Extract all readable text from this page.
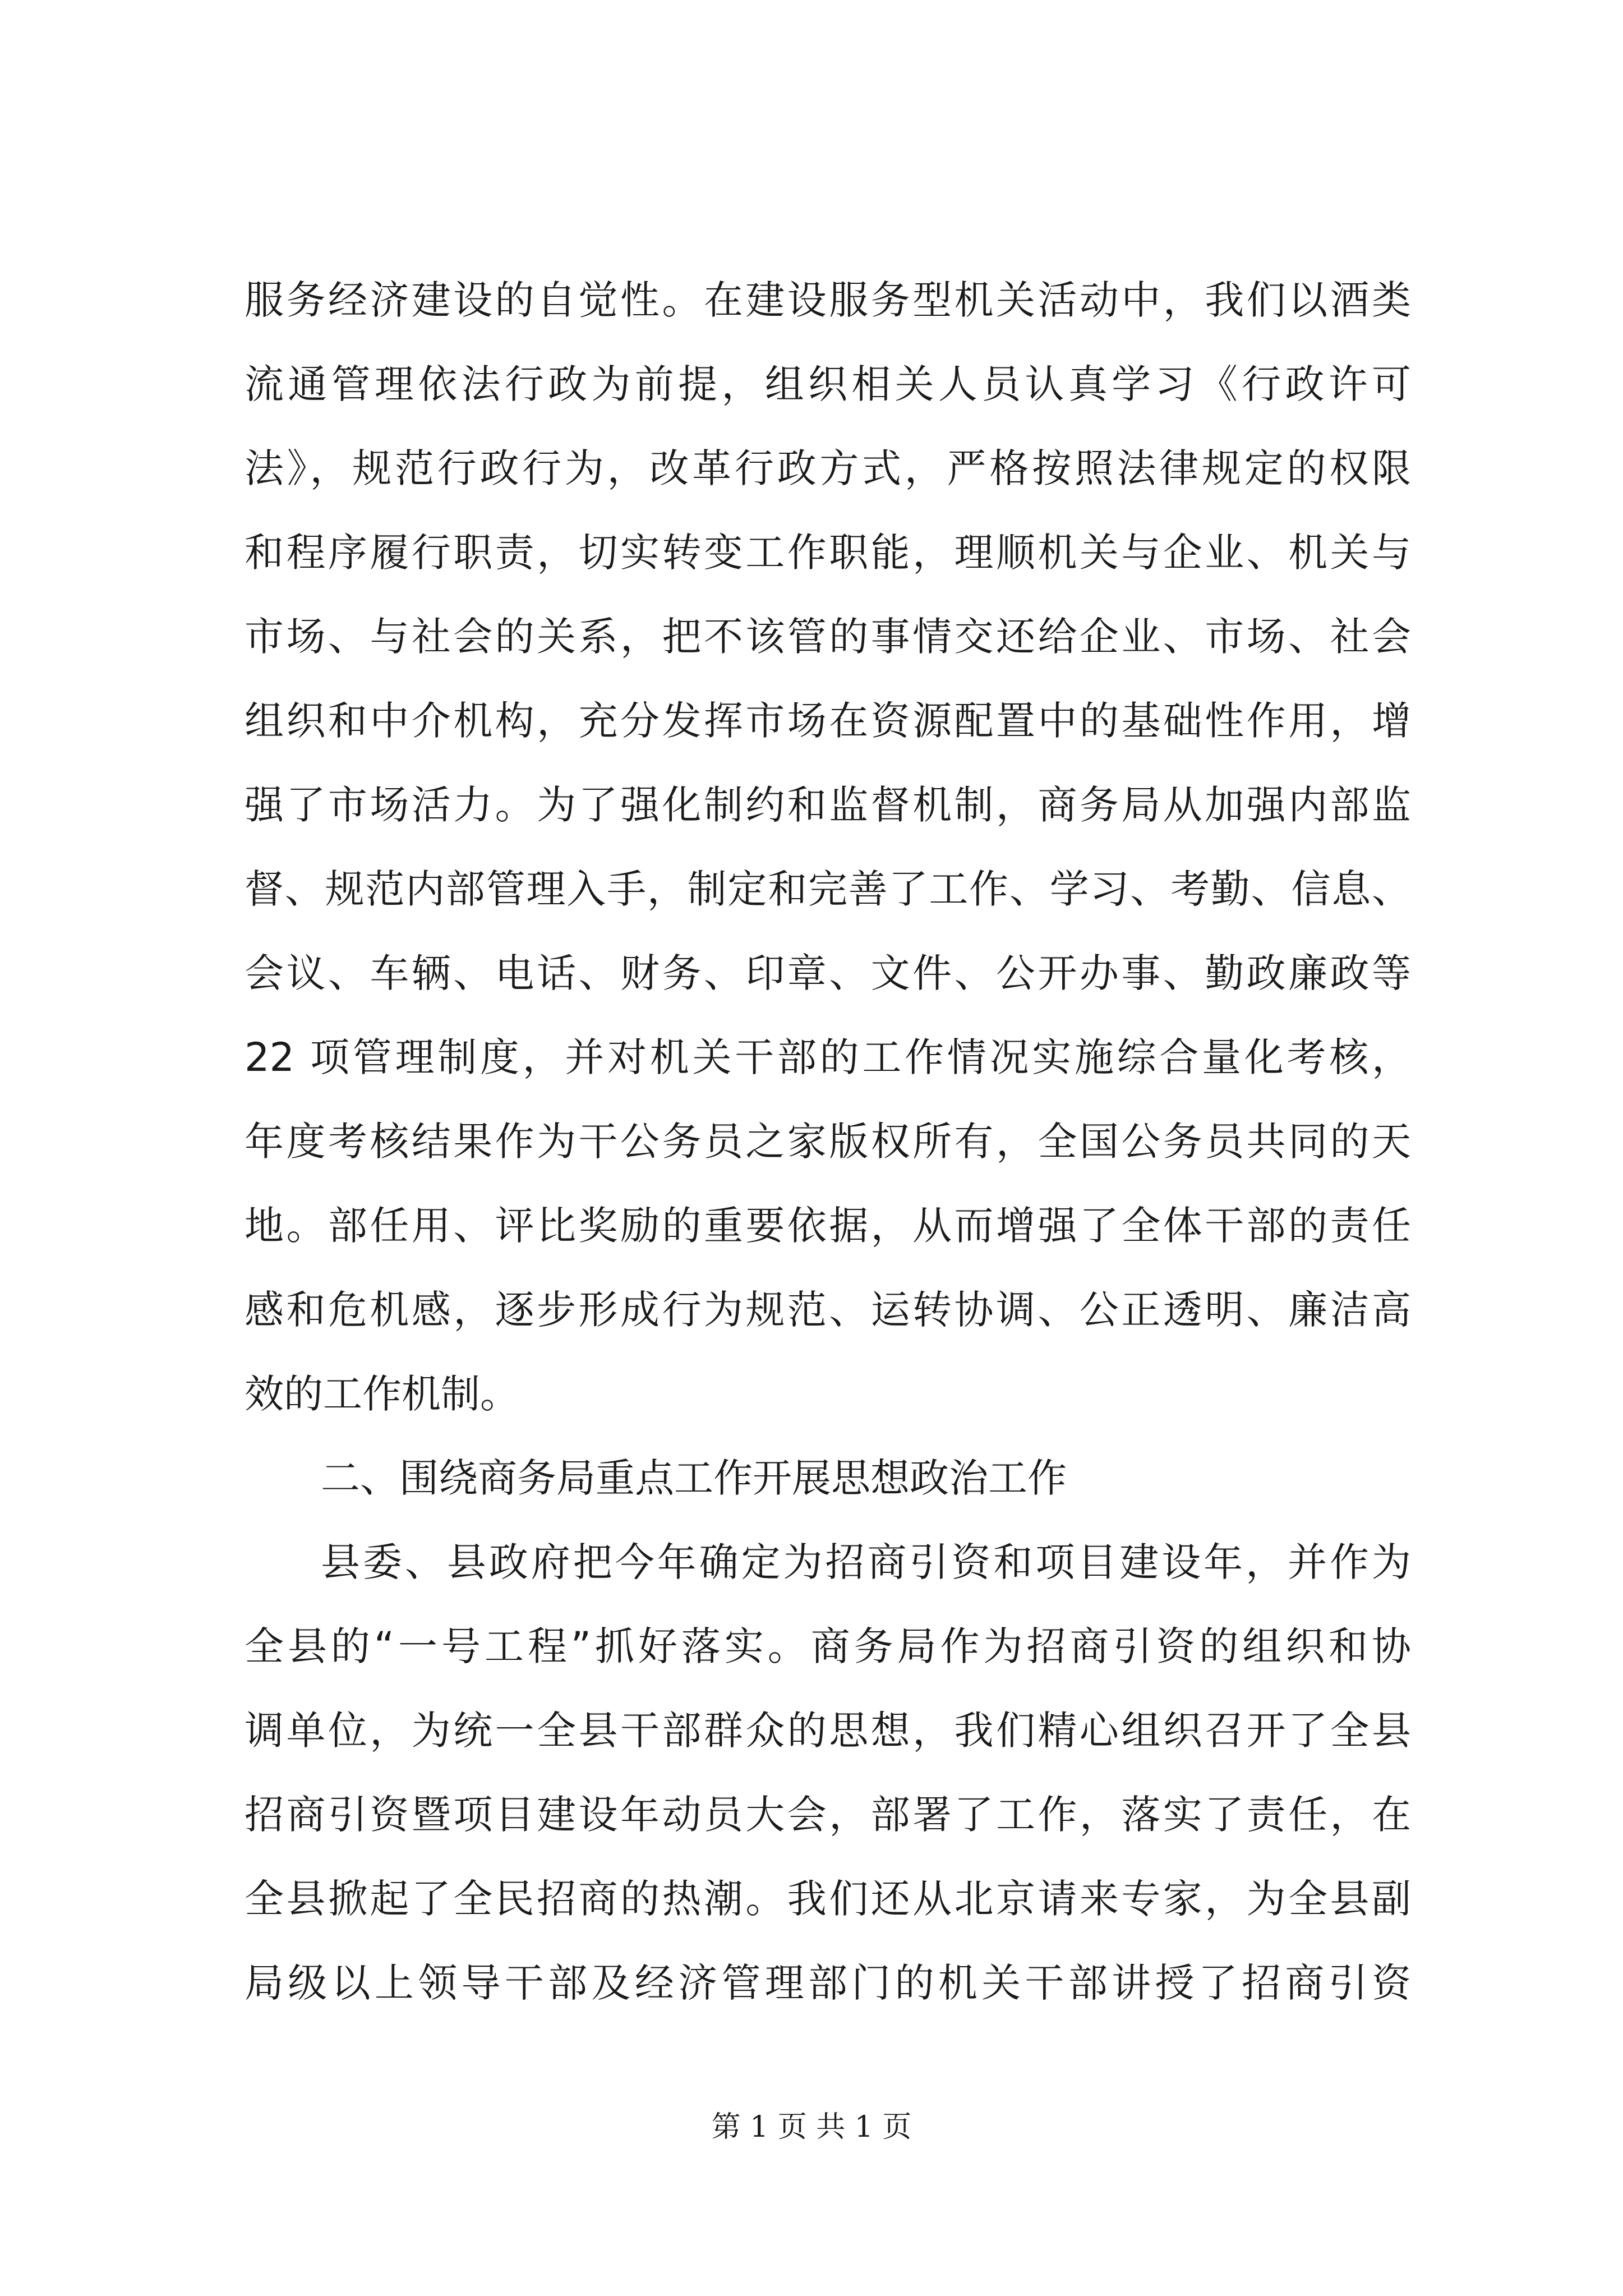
服务经济建设的自觉性。在建设服务型机关活动中，我们以酒类
流通管理依法行政为前提，组织相关人员认真学习《行政许可
法》，规范行政行为，改革行政方式，严格按照法律规定的权限
和程序履行职责，切实转变工作职能，理顺机关与企业、机关与
市场、与社会的关系，把不该管的事情交还给企业、市场、社会
组织和中介机构，充分发挥市场在资源配置中的基础性作用，增
强了市场活力。为了强化制约和监督机制，商务局从加强内部监
督、规范内部管理入手，制定和完善了工作、学习、考勤、信息、
会议、车辆、电话、财务、印章、文件、公开办事、勤政廉政等
22 项管理制度，并对机关干部的工作情况实施综合量化考核，
年度考核结果作为干公务员之家版权所有，全国公务员共同的天
地。部任用、评比奖励的重要依据，从而增强了全体干部的责任
感和危机感，逐步形成行为规范、运转协调、公正透明、廉洁高
效的工作机制。
二、围绕商务局重点工作开展思想政治工作
县委、县政府把今年确定为招商引资和项目建设年，并作为
全县的“一号工程”抓好落实。商务局作为招商引资的组织和协
调单位，为统一全县干部群众的思想，我们精心组织召开了全县
招商引资暨项目建设年动员大会，部署了工作，落实了责任，在
全县掀起了全民招商的热潮。我们还从北京请来专家，为全县副
局级以上领导干部及经济管理部门的机关干部讲授了招商引资
第 1 页 共 1 页
